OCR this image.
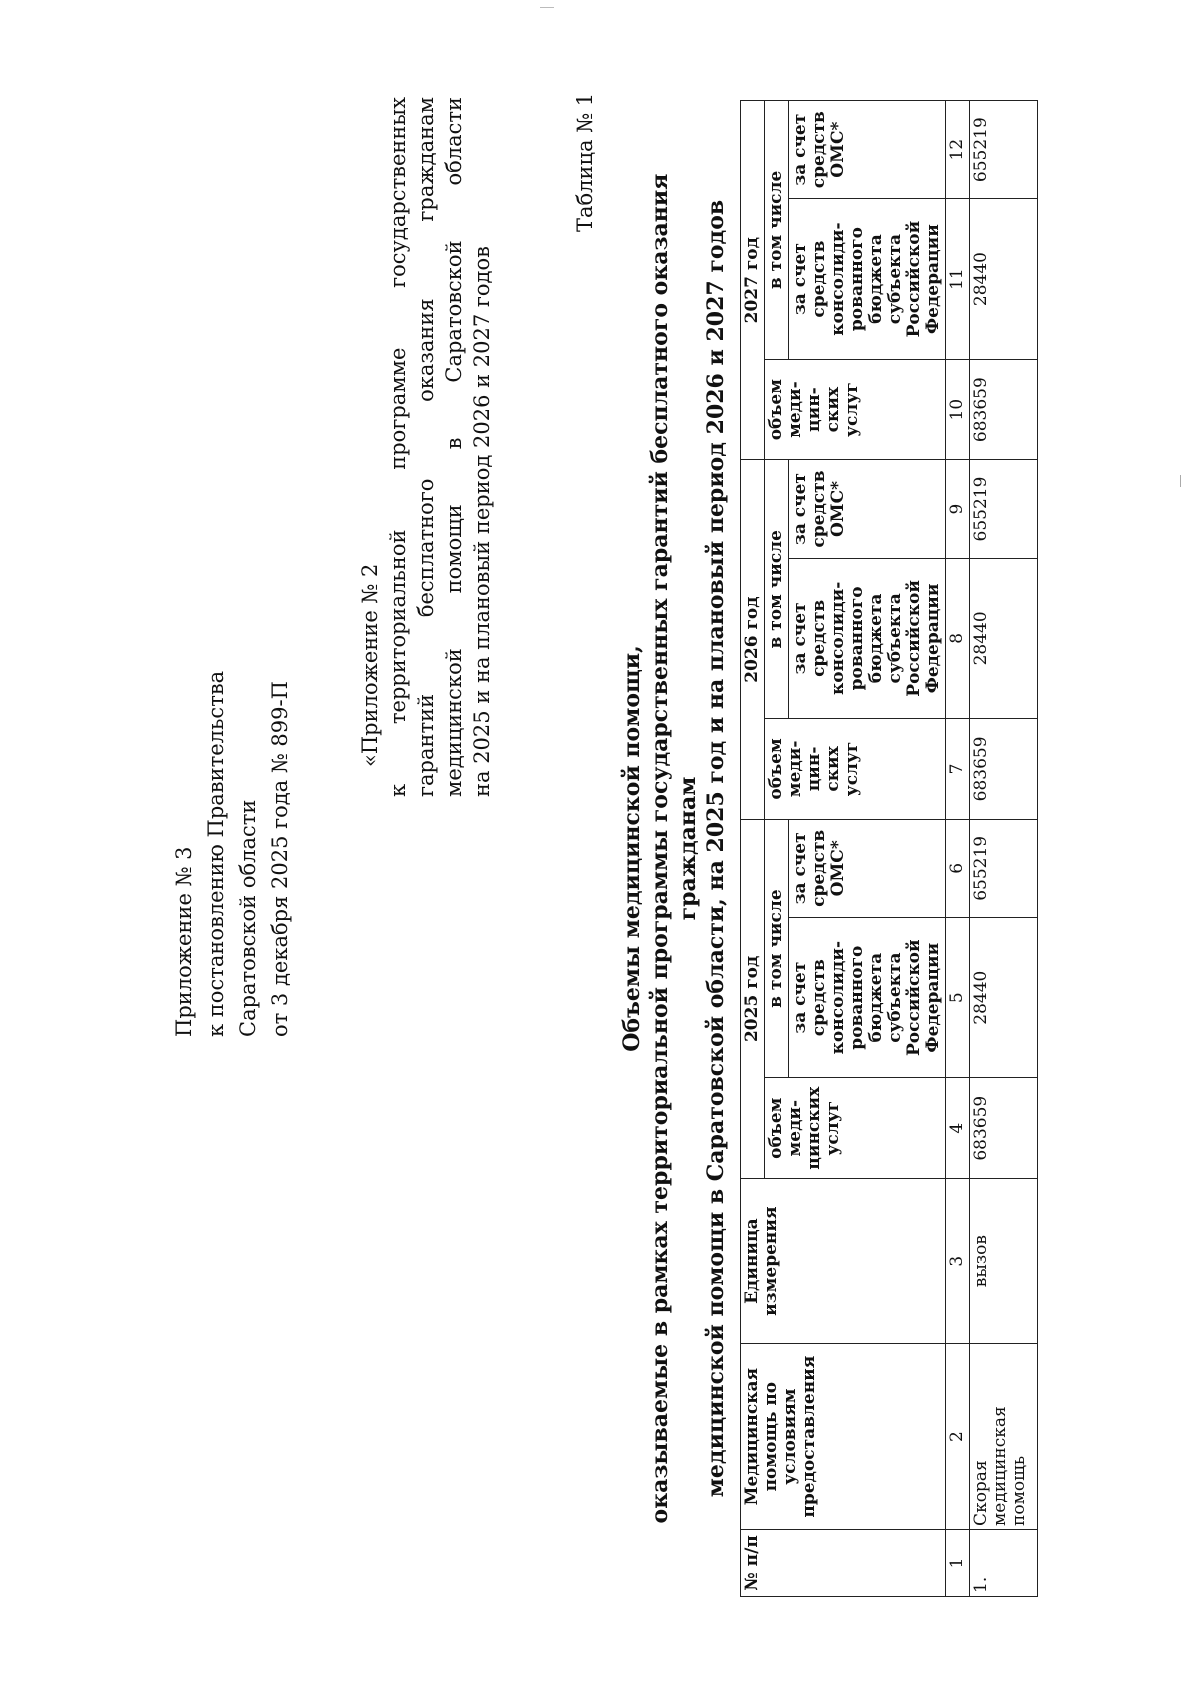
Приложение № 3 к постановлению Правительства Саратовской области от 3 декабря 2025 года № 899-П
«Приложение № 2 к территориальной программе государственных гарантий бесплатного оказания гражданам медицинской помощи в Саратовской области на 2025 и на плановый период 2026 и 2027 годов
Таблица № 1
Объемы медицинской помощи, оказываемые в рамках территориальной программы государственных гарантий бесплатного оказания гражданам медицинской помощи в Саратовской области, на 2025 год и на плановый период 2026 и 2027 годов
№ п/п	Медицинская помощь по условиям предоставления	Единица измерения	2025 год			2026 год			2027 год		
			объем меди- цинских услуг	в том числе		объем меди- цин- ских услуг	в том числе		объем меди- цин- ских услуг	в том числе	
				за счет средств консолиди- рованного бюджета субъекта Российской Федерации	за счет средств ОМС*		за счет средств консолиди- рованного бюджета субъекта Российской Федерации	за счет средств ОМС*		за счет средств консолиди- рованного бюджета субъекта Российской Федерации	за счет средств ОМС*
1	2	3	4	5	6	7	8	9	10	11	12
1.	Скорая медицинская помощь	вызов	683659	28440	655219	683659	28440	655219	683659	28440	655219
